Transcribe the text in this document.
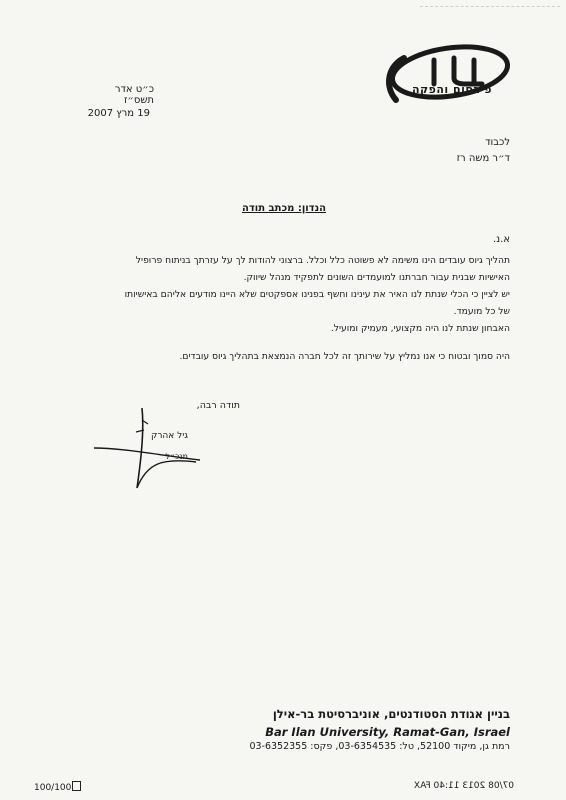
פירסום והפקה
כ״ט אדר תשס״ז
19 מרץ 2007
לכבוד
ד״ר משה רז
הנדון: מכתב תודה
א.נ.

תהליך גיוס עובדים הינו משימה לא פשוטה כלל וכלל. ברצוני להודות לך על עזרתך בניתוח פרופיל האישיות שבנית עבור חברתנו למועמדים השונים לתפקיד מנהל שיווק.

יש לציין כי הכלי שנתת לנו האיר את עינינו וחשף בפנינו אספקטים שלא היינו מודעים אליהם באישיותו של כל מועמד.

האבחון שנתת לנו היה מקצועי, מעמיק ומועיל.

היה סמוך ובטוח כי אנו נמליץ על שירותך זה לכל חברה הנמצאת בתהליך גיוס עובדים.
תודה רבה,
גיל אהרק
מנכ״ל
בניין אגודת הסטודנטים, אוניברסיטת בר-אילן
Bar Ilan University, Ramat-Gan, Israel
רמת גן, מיקוד 52100, טל: 03-6354535, פקס: 03-6352355
100/100	07/08 2013 11:40 FAX
